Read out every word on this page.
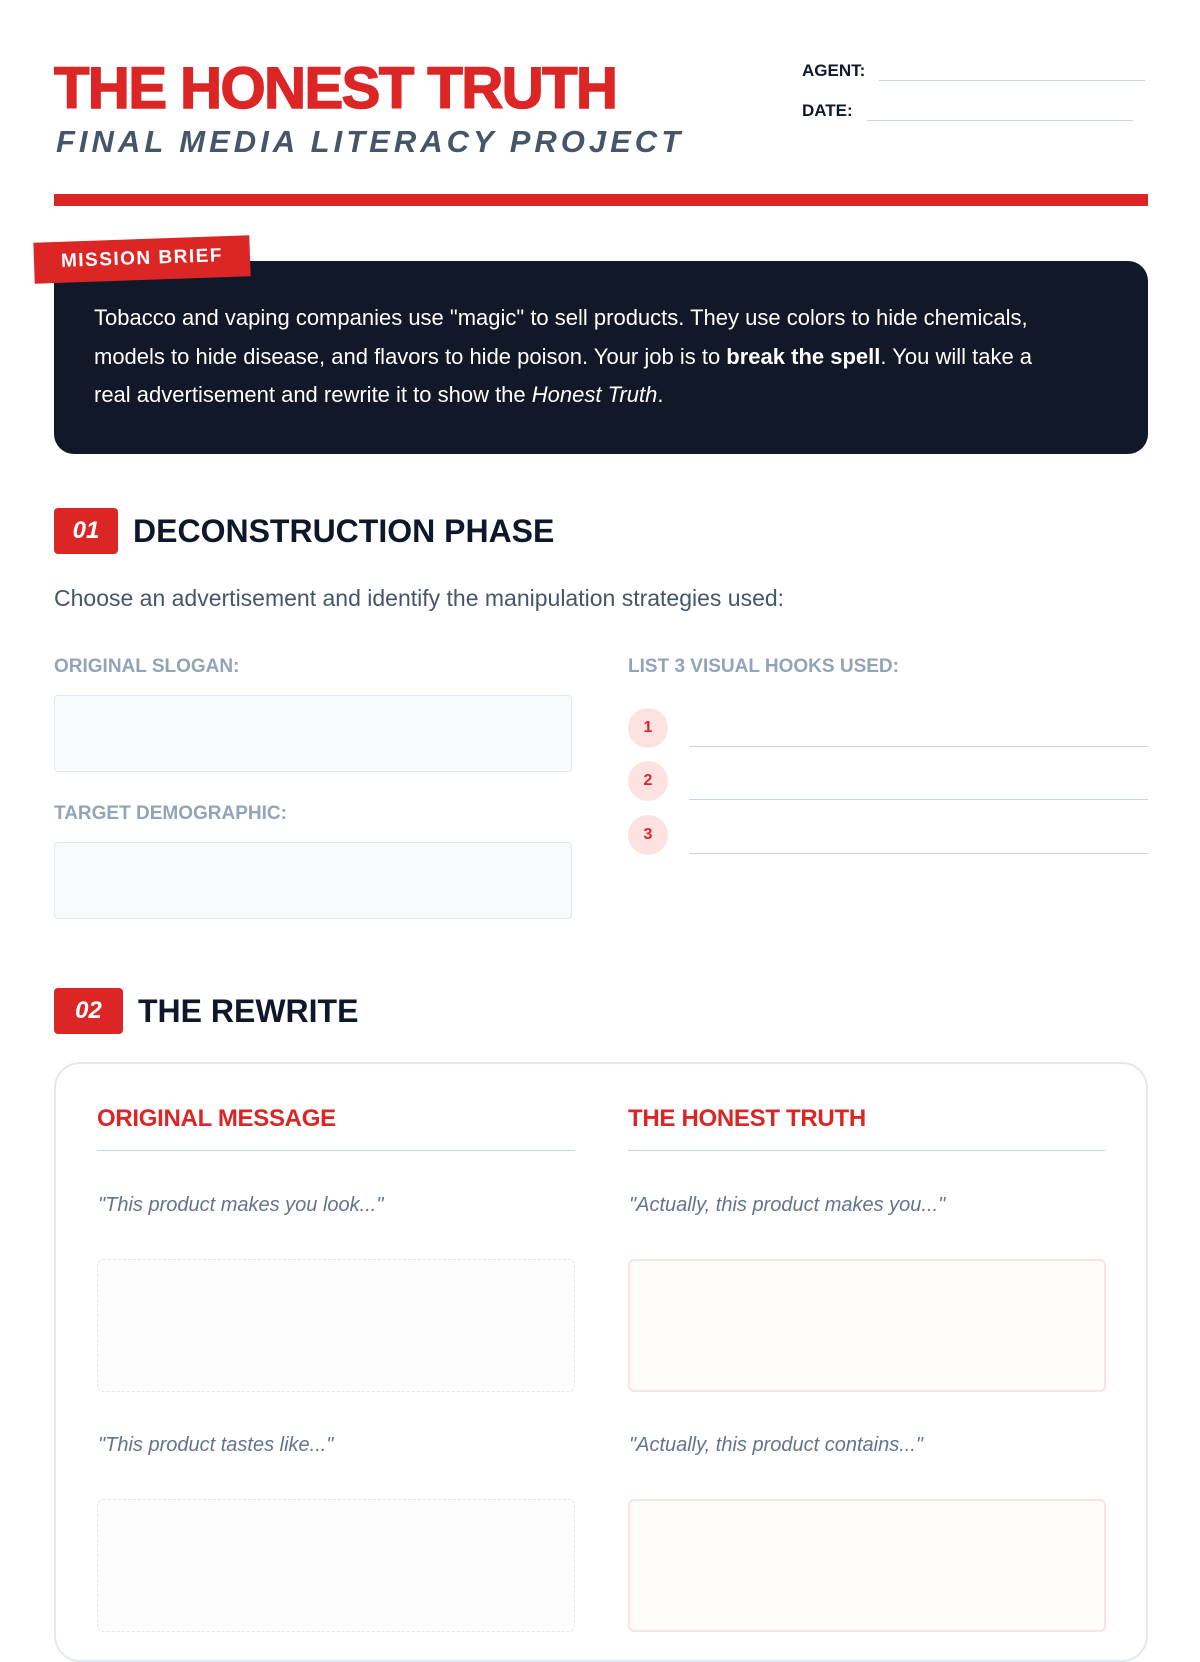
THE HONEST TRUTH

FINAL MEDIA LITERACY PROJECT

AGENT:
DATE:

Tobacco and vaping companies use "magic" to sell products. They use colors to hide chemicals, models to hide disease, and flavors to hide poison. Your job is to break the spell. You will take a real advertisement and rewrite it to show the Honest Truth.

MISSION BRIEF
01	DECONSTRUCTION PHASE

Choose an advertisement and identify the manipulation strategies used:

ORIGINAL SLOGAN:

TARGET DEMOGRAPHIC:

LIST 3 VISUAL HOOKS USED:

1
2
3
02	THE REWRITE

ORIGINAL MESSAGE	THE HONEST TRUTH

"This product makes you look..."	"Actually, this product makes you..."

"This product tastes like..."	"Actually, this product contains..."
